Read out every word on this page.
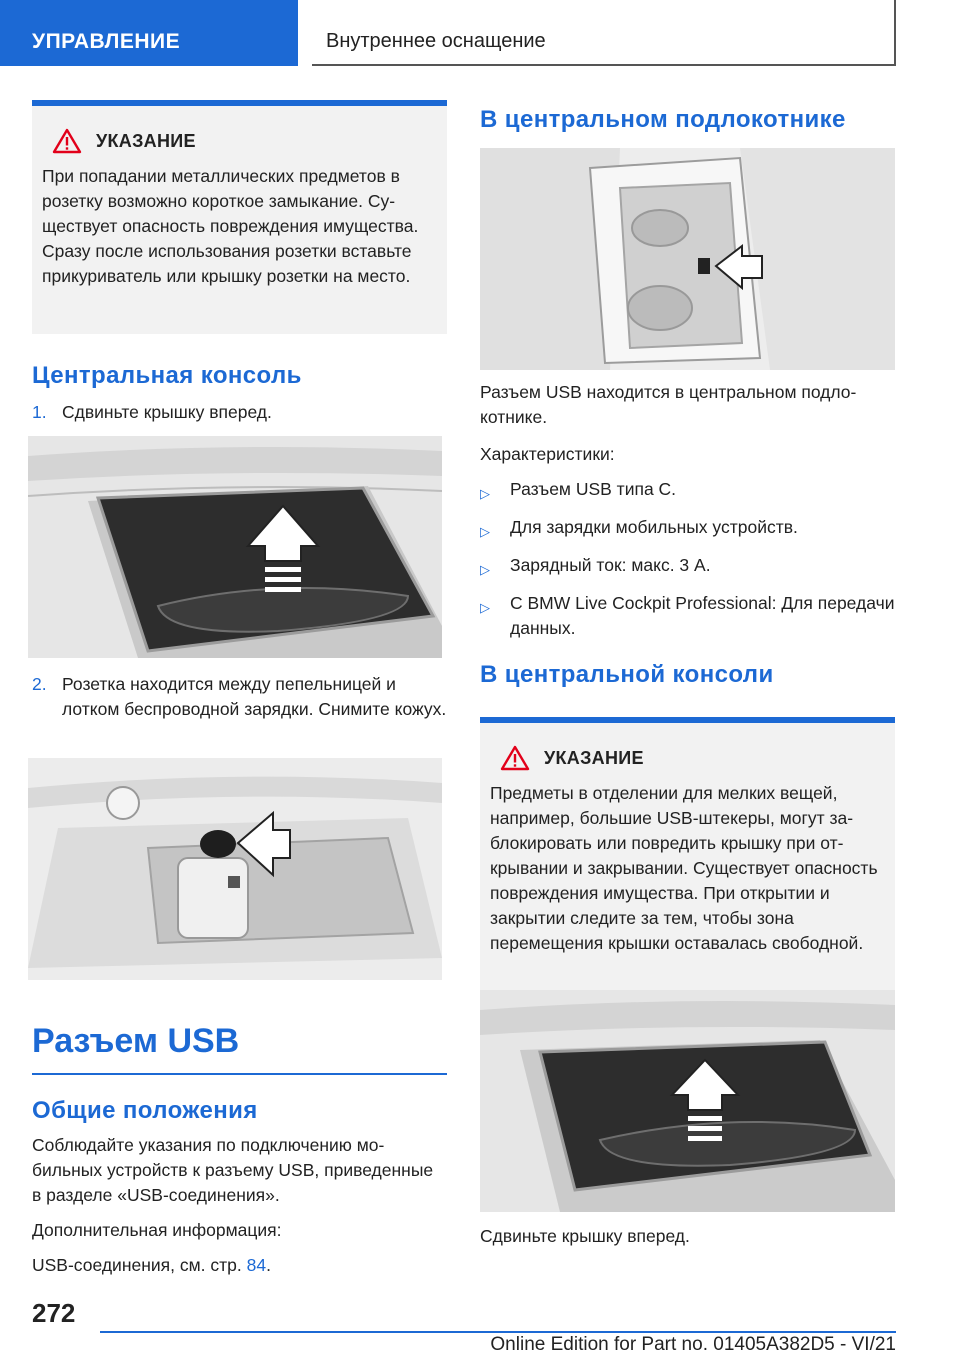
УПРАВЛЕНИЕ	Внутреннее оснащение
УКАЗАНИЕ

При попадании металлических предметов в розетку возможно короткое замыкание. Существует опасность повреждения имущества. Сразу после использования розетки вставьте прикуриватель или крышку розетки на место.

Центральная консоль
1. Сдвиньте крышку вперед.
2. Розетка находится между пепельницей и лотком беспроводной зарядки. Снимите кожух.
Разъем USB
Общие положения

Соблюдайте указания по подключению мобильных устройств к разъему USB, приведенные в разделе «USB-соединения».

Дополнительная информация:

USB-соединения, см. стр. 84.

В центральном подлокотнике

Разъем USB находится в центральном подлокотнике.

Характеристики:

▷	Разъем USB типа C.
▷	Для зарядки мобильных устройств.
▷	Зарядный ток: макс. 3 A.
▷	С BMW Live Cockpit Professional: Для передачи данных.
В центральной консоли
УКАЗАНИЕ

Предметы в отделении для мелких вещей, например, большие USB-штекеры, могут заблокировать или повредить крышку при открывании и закрывании. Существует опасность повреждения имущества. При открытии и закрытии следите за тем, чтобы зона перемещения крышки оставалась свободной.

Сдвиньте крышку вперед.

272
Online Edition for Part no. 01405A382D5 - VI/21
